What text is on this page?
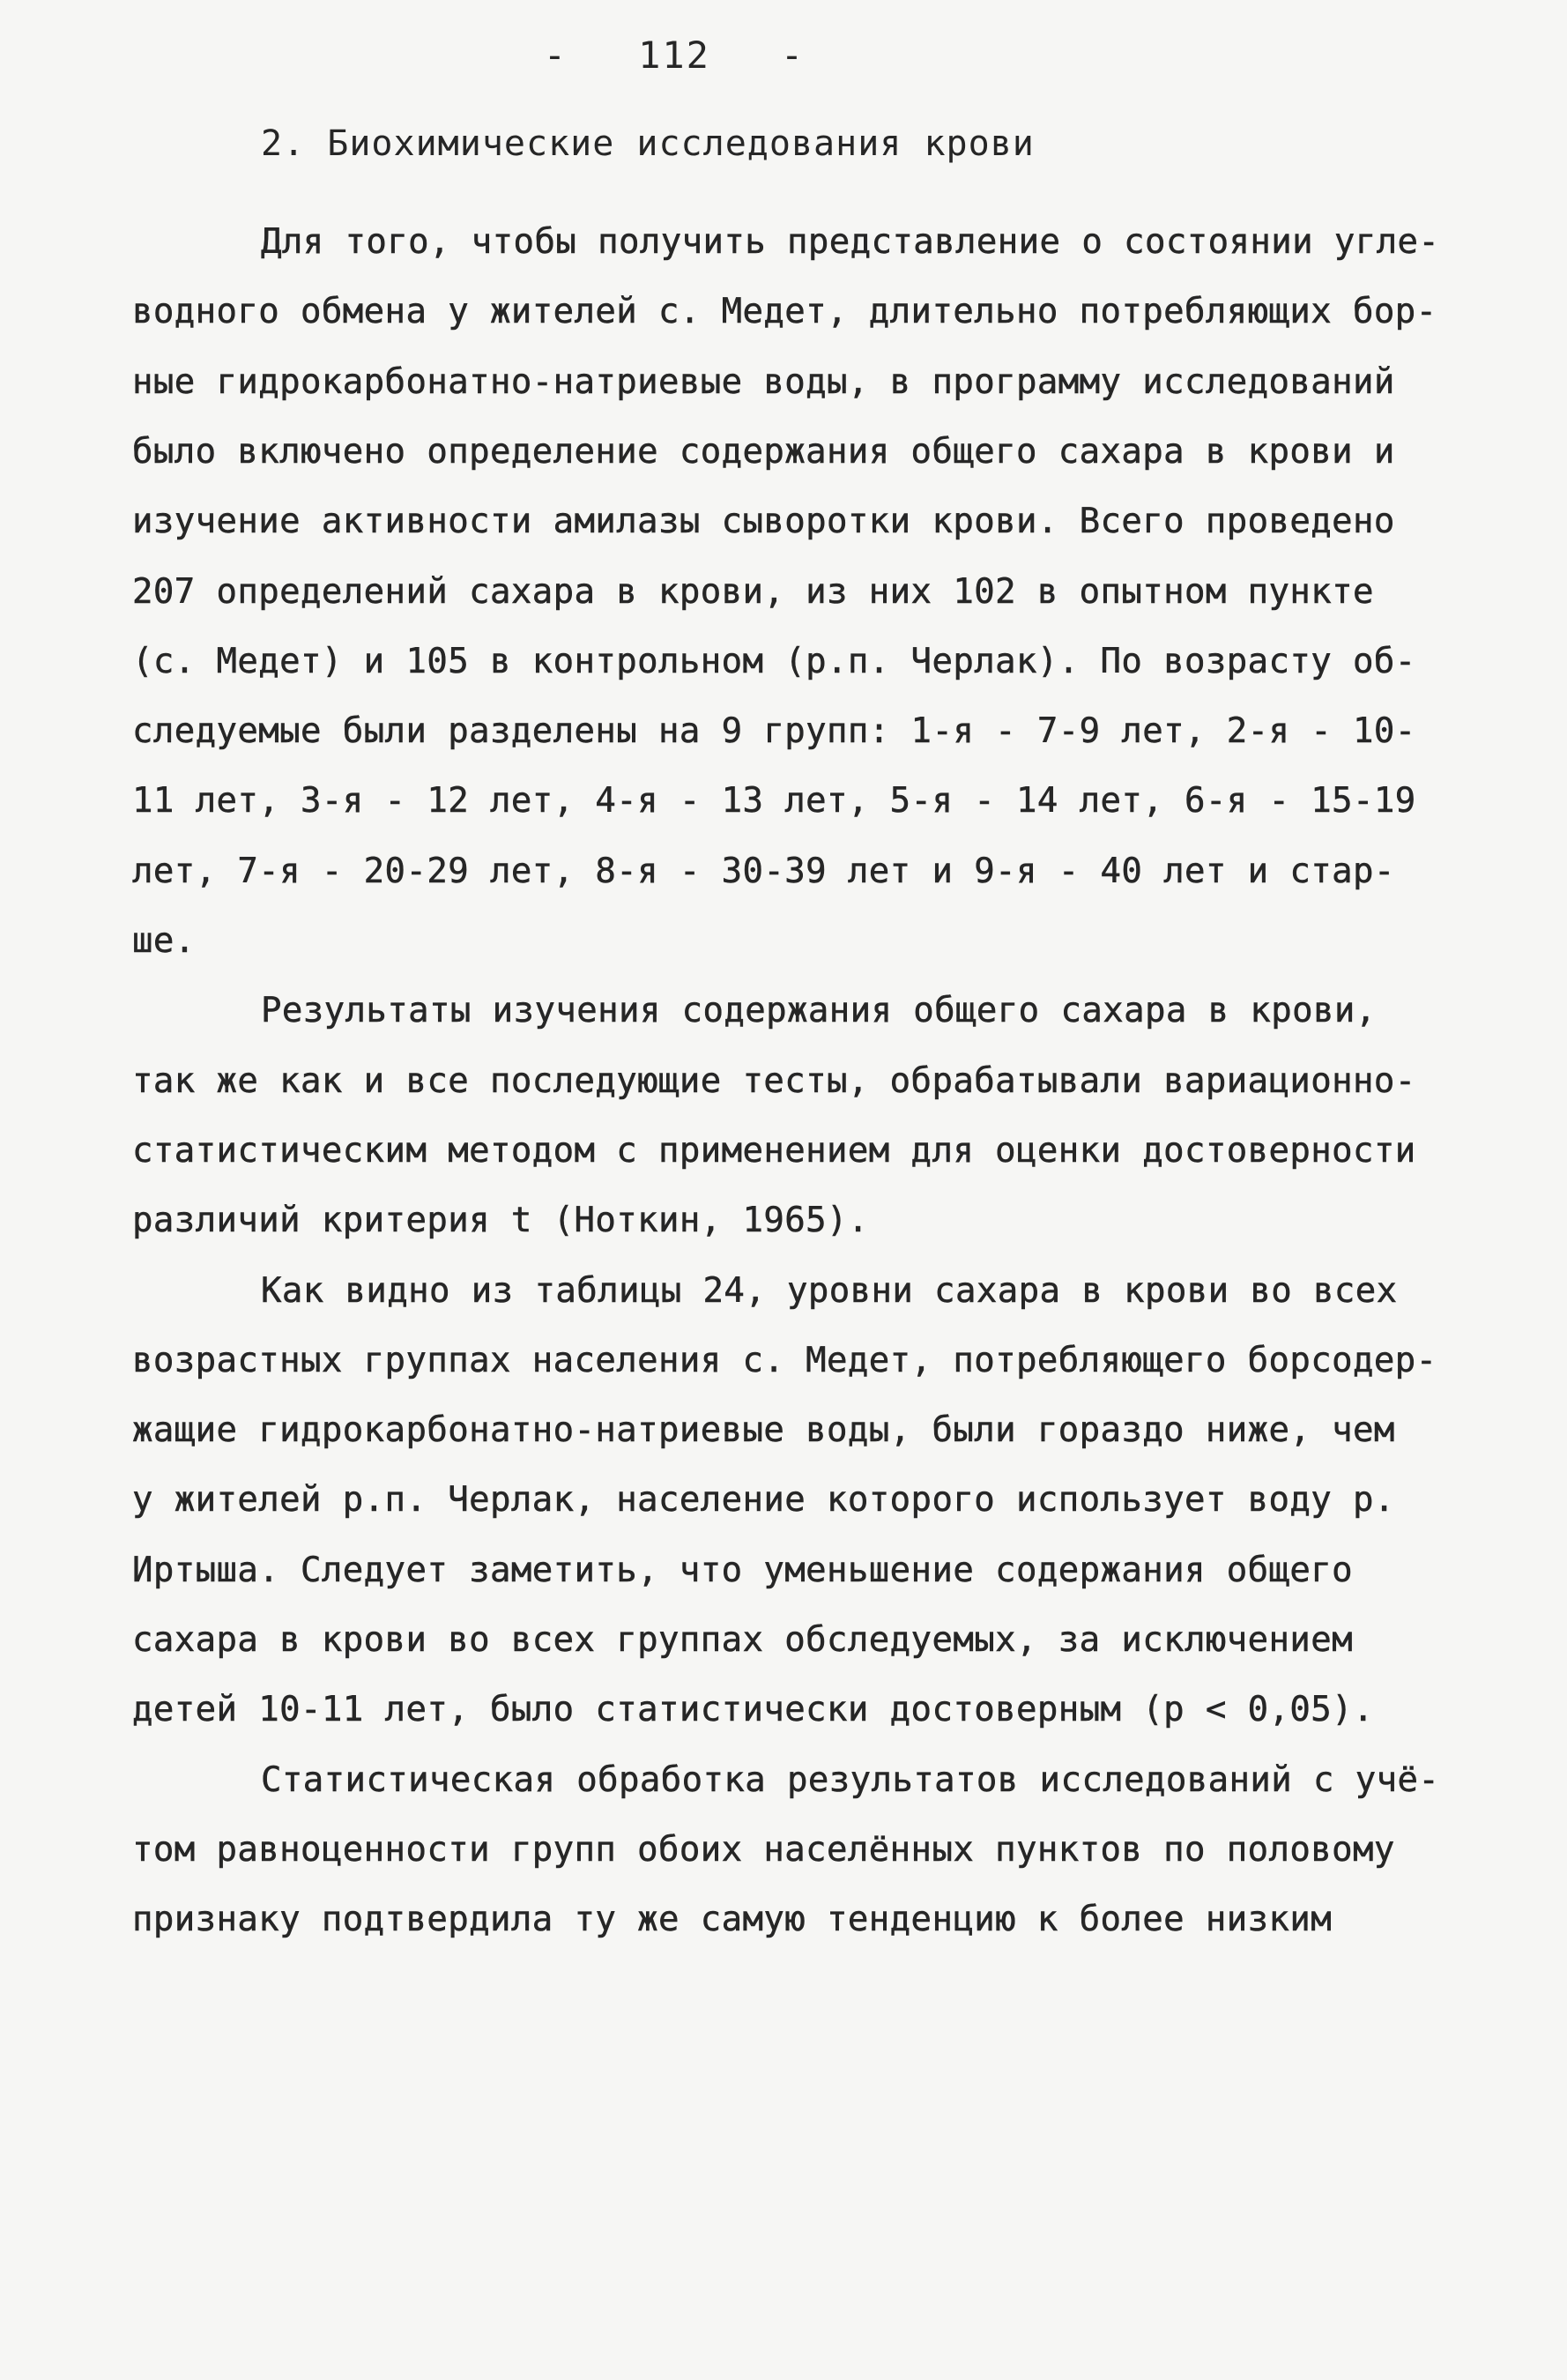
- 112 -
2. Биохимические исследования крови
Для того, чтобы получить представление о состоянии угле-
водного обмена у жителей с. Медет, длительно потребляющих бор-
ные гидрокарбонатно-натриевые воды, в программу исследований
было включено определение содержания общего сахара в крови и
изучение активности амилазы сыворотки крови. Всего проведено
207 определений сахара в крови, из них 102 в опытном пункте
(с. Медет) и 105 в контрольном (р.п. Черлак). По возрасту об-
следуемые были разделены на 9 групп: 1-я - 7-9 лет, 2-я - 10-
11 лет, 3-я - 12 лет, 4-я - 13 лет, 5-я - 14 лет, 6-я - 15-19
лет, 7-я - 20-29 лет, 8-я - 30-39 лет и 9-я - 40 лет и стар-
ше.
Результаты изучения содержания общего сахара в крови,
так же как и все последующие тесты, обрабатывали вариационно-
статистическим методом с применением для оценки достоверности
различий критерия t (Ноткин, 1965).
Как видно из таблицы 24, уровни сахара в крови во всех
возрастных группах населения с. Медет, потребляющего борсодер-
жащие гидрокарбонатно-натриевые воды, были гораздо ниже, чем
у жителей р.п. Черлак, население которого использует воду р.
Иртыша. Следует заметить, что уменьшение содержания общего
сахара в крови во всех группах обследуемых, за исключением
детей 10-11 лет, было статистически достоверным (p < 0,05).
Статистическая обработка результатов исследований с учё-
том равноценности групп обоих населённых пунктов по половому
признаку подтвердила ту же самую тенденцию к более низким
